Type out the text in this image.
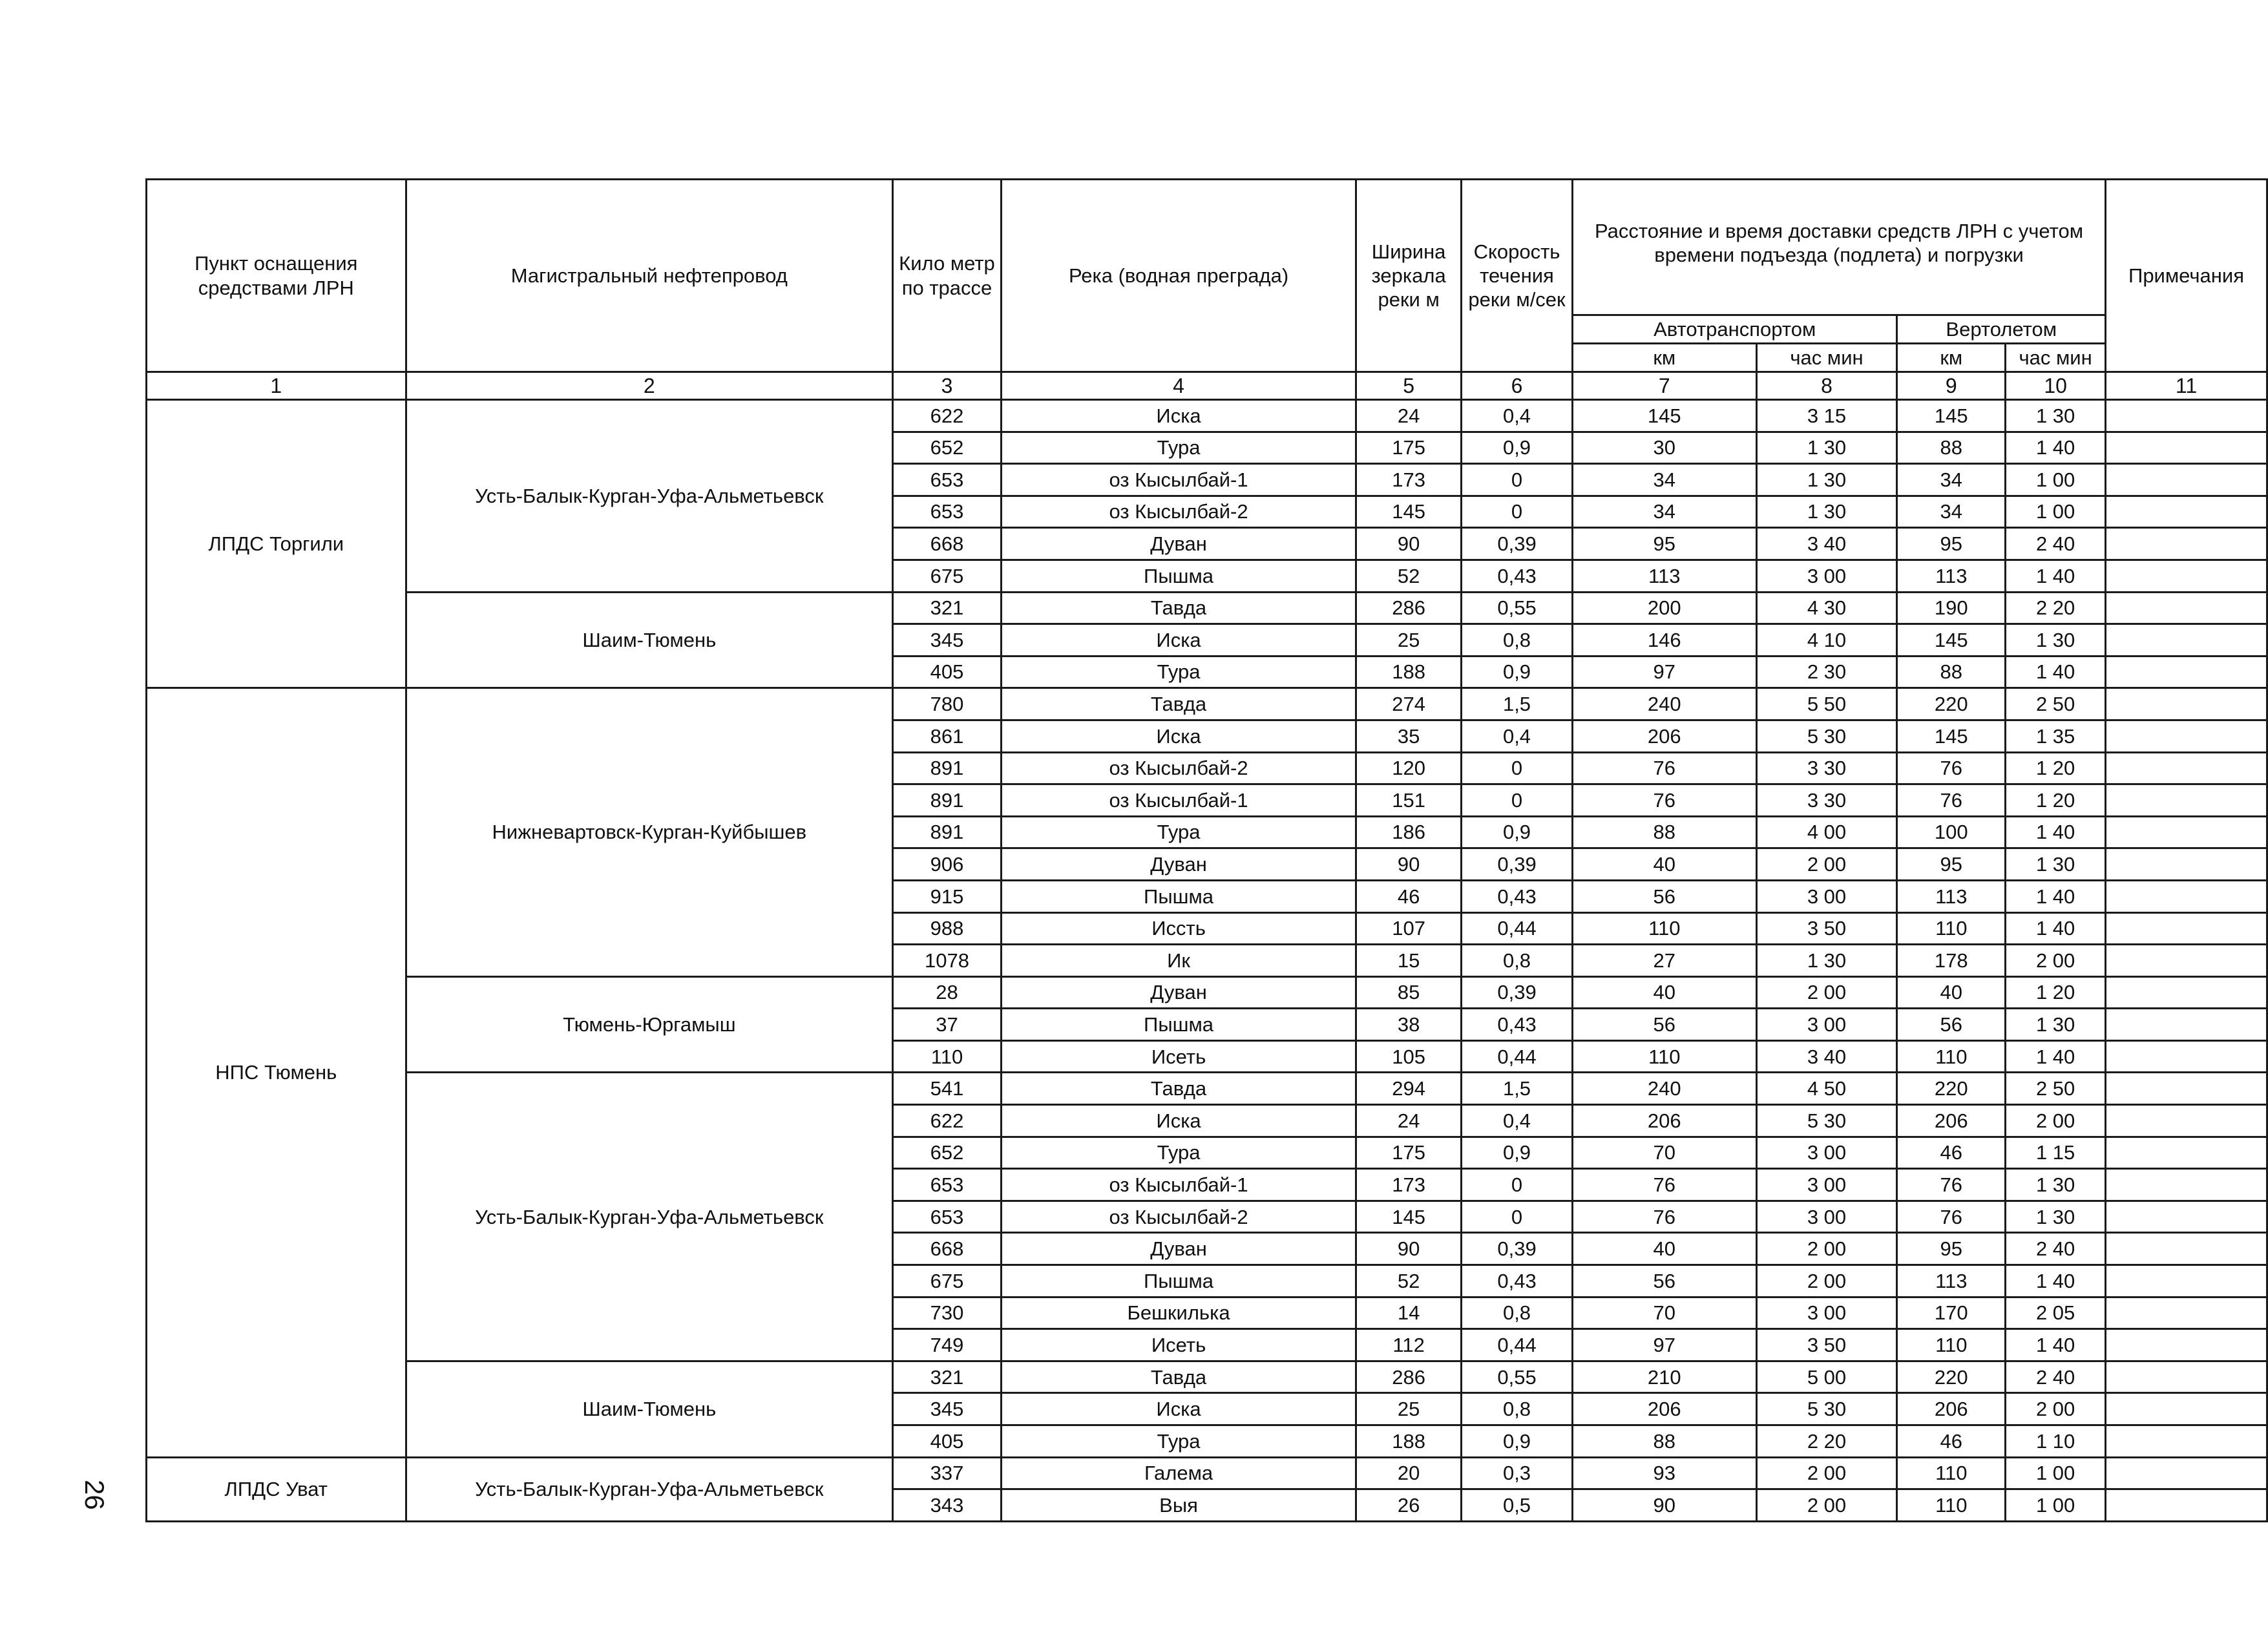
26
Пункт оснащения средствами ЛРН	Магистральный нефтепровод	Кило метр по трассе	Река (водная преграда)	Ширина зеркала реки м	Скорость течения реки м/сек	Расстояние и время доставки средств ЛРН с учетом времени подъезда (подлета) и погрузки				Примечания
						Автотранспортом		Вертолетом		
						км	час мин	км	час мин	
1	2	3	4	5	6	7	8	9	10	11
ЛПДС Торгили	Усть-Балык-Курган-Уфа-Альметьевск	622	Иска	24	0,4	145	3 15	145	1 30	
		652	Тура	175	0,9	30	1 30	88	1 40	
		653	оз Кысылбай-1	173	0	34	1 30	34	1 00	
		653	оз Кысылбай-2	145	0	34	1 30	34	1 00	
		668	Дуван	90	0,39	95	3 40	95	2 40	
		675	Пышма	52	0,43	113	3 00	113	1 40	
	Шаим-Тюмень	321	Тавда	286	0,55	200	4 30	190	2 20	
		345	Иска	25	0,8	146	4 10	145	1 30	
		405	Тура	188	0,9	97	2 30	88	1 40	
НПС Тюмень	Нижневартовск-Курган-Куйбышев	780	Тавда	274	1,5	240	5 50	220	2 50	
		861	Иска	35	0,4	206	5 30	145	1 35	
		891	оз Кысылбай-2	120	0	76	3 30	76	1 20	
		891	оз Кысылбай-1	151	0	76	3 30	76	1 20	
		891	Тура	186	0,9	88	4 00	100	1 40	
		906	Дуван	90	0,39	40	2 00	95	1 30	
		915	Пышма	46	0,43	56	3 00	113	1 40	
		988	Иссть	107	0,44	110	3 50	110	1 40	
		1078	Ик	15	0,8	27	1 30	178	2 00	
	Тюмень-Юргамыш	28	Дуван	85	0,39	40	2 00	40	1 20	
		37	Пышма	38	0,43	56	3 00	56	1 30	
		110	Исеть	105	0,44	110	3 40	110	1 40	
	Усть-Балык-Курган-Уфа-Альметьевск	541	Тавда	294	1,5	240	4 50	220	2 50	
		622	Иска	24	0,4	206	5 30	206	2 00	
		652	Тура	175	0,9	70	3 00	46	1 15	
		653	оз Кысылбай-1	173	0	76	3 00	76	1 30	
		653	оз Кысылбай-2	145	0	76	3 00	76	1 30	
		668	Дуван	90	0,39	40	2 00	95	2 40	
		675	Пышма	52	0,43	56	2 00	113	1 40	
		730	Бешкилька	14	0,8	70	3 00	170	2 05	
		749	Исеть	112	0,44	97	3 50	110	1 40	
	Шаим-Тюмень	321	Тавда	286	0,55	210	5 00	220	2 40	
		345	Иска	25	0,8	206	5 30	206	2 00	
		405	Тура	188	0,9	88	2 20	46	1 10	
ЛПДС Уват	Усть-Балык-Курган-Уфа-Альметьевск	337	Галема	20	0,3	93	2 00	110	1 00	
		343	Выя	26	0,5	90	2 00	110	1 00	
